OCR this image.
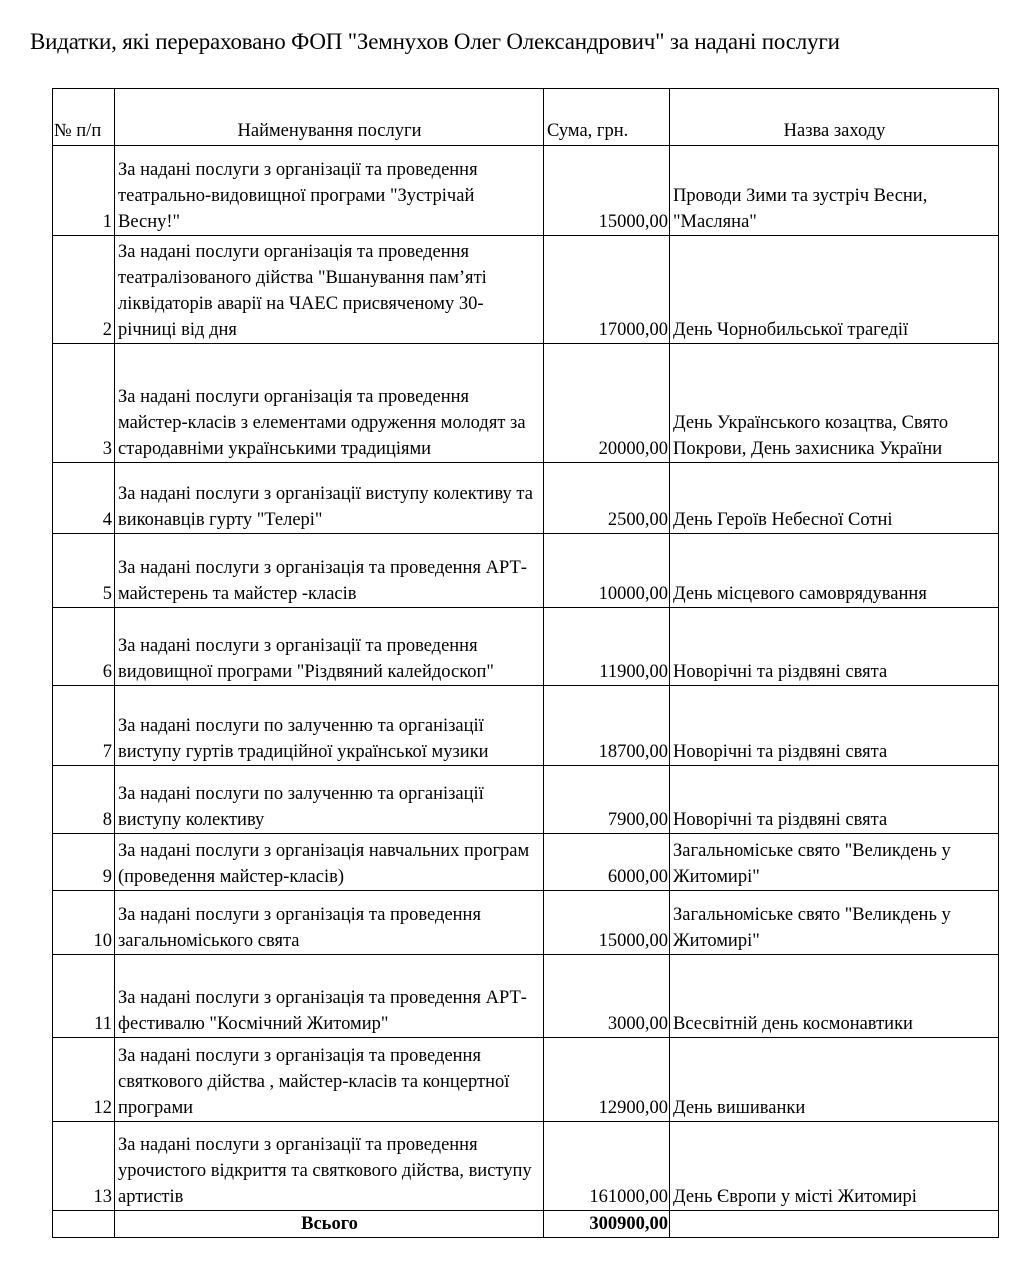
Видатки, які перераховано ФОП "Земнухов Олег Олександрович" за надані послуги
№ п/п	Найменування послуги	Сума, грн.	Назва заходу
1	За надані послуги з організації та проведення театрально-видовищної програми "Зустрічай Весну!"	15000,00	Проводи Зими та зустріч Весни, "Масляна"
2	За надані послуги організація та проведення театралізованого дійства "Вшанування пам’яті ліквідаторів аварії на ЧАЕС присвяченому 30-річниці від дня	17000,00	День Чорнобильської трагедії
3	За надані послуги організація та проведення майстер-класів з елементами одруження молодят за стародавніми українськими традиціями	20000,00	День Українського козацтва, Свято Покрови, День захисника України
4	За надані послуги з організації виступу колективу та виконавців гурту "Телері"	2500,00	День Героїв Небесної Сотні
5	За надані послуги з організація та проведення АРТ-майстерень та майстер -класів	10000,00	День місцевого самоврядування
6	За надані послуги з організації та проведення видовищної програми "Різдвяний калейдоскоп"	11900,00	Новорічні та різдвяні свята
7	За надані послуги по залученню та організації виступу гуртів традиційної української музики	18700,00	Новорічні та різдвяні свята
8	За надані послуги по залученню та організації виступу колективу	7900,00	Новорічні та різдвяні свята
9	За надані послуги з організація навчальних програм (проведення майстер-класів)	6000,00	Загальноміське свято "Великдень у Житомирі"
10	За надані послуги з організація та проведення загальноміського свята	15000,00	Загальноміське свято "Великдень у Житомирі"
11	За надані послуги з організація та проведення АРТ-фестивалю "Космічний Житомир"	3000,00	Всесвітній день космонавтики
12	За надані послуги з організація та проведення святкового дійства , майстер-класів та концертної програми	12900,00	День вишиванки
13	За надані послуги з організації та проведення урочистого відкриття та святкового дійства, виступу артистів	161000,00	День Європи у місті Житомирі
	Всього	300900,00	
